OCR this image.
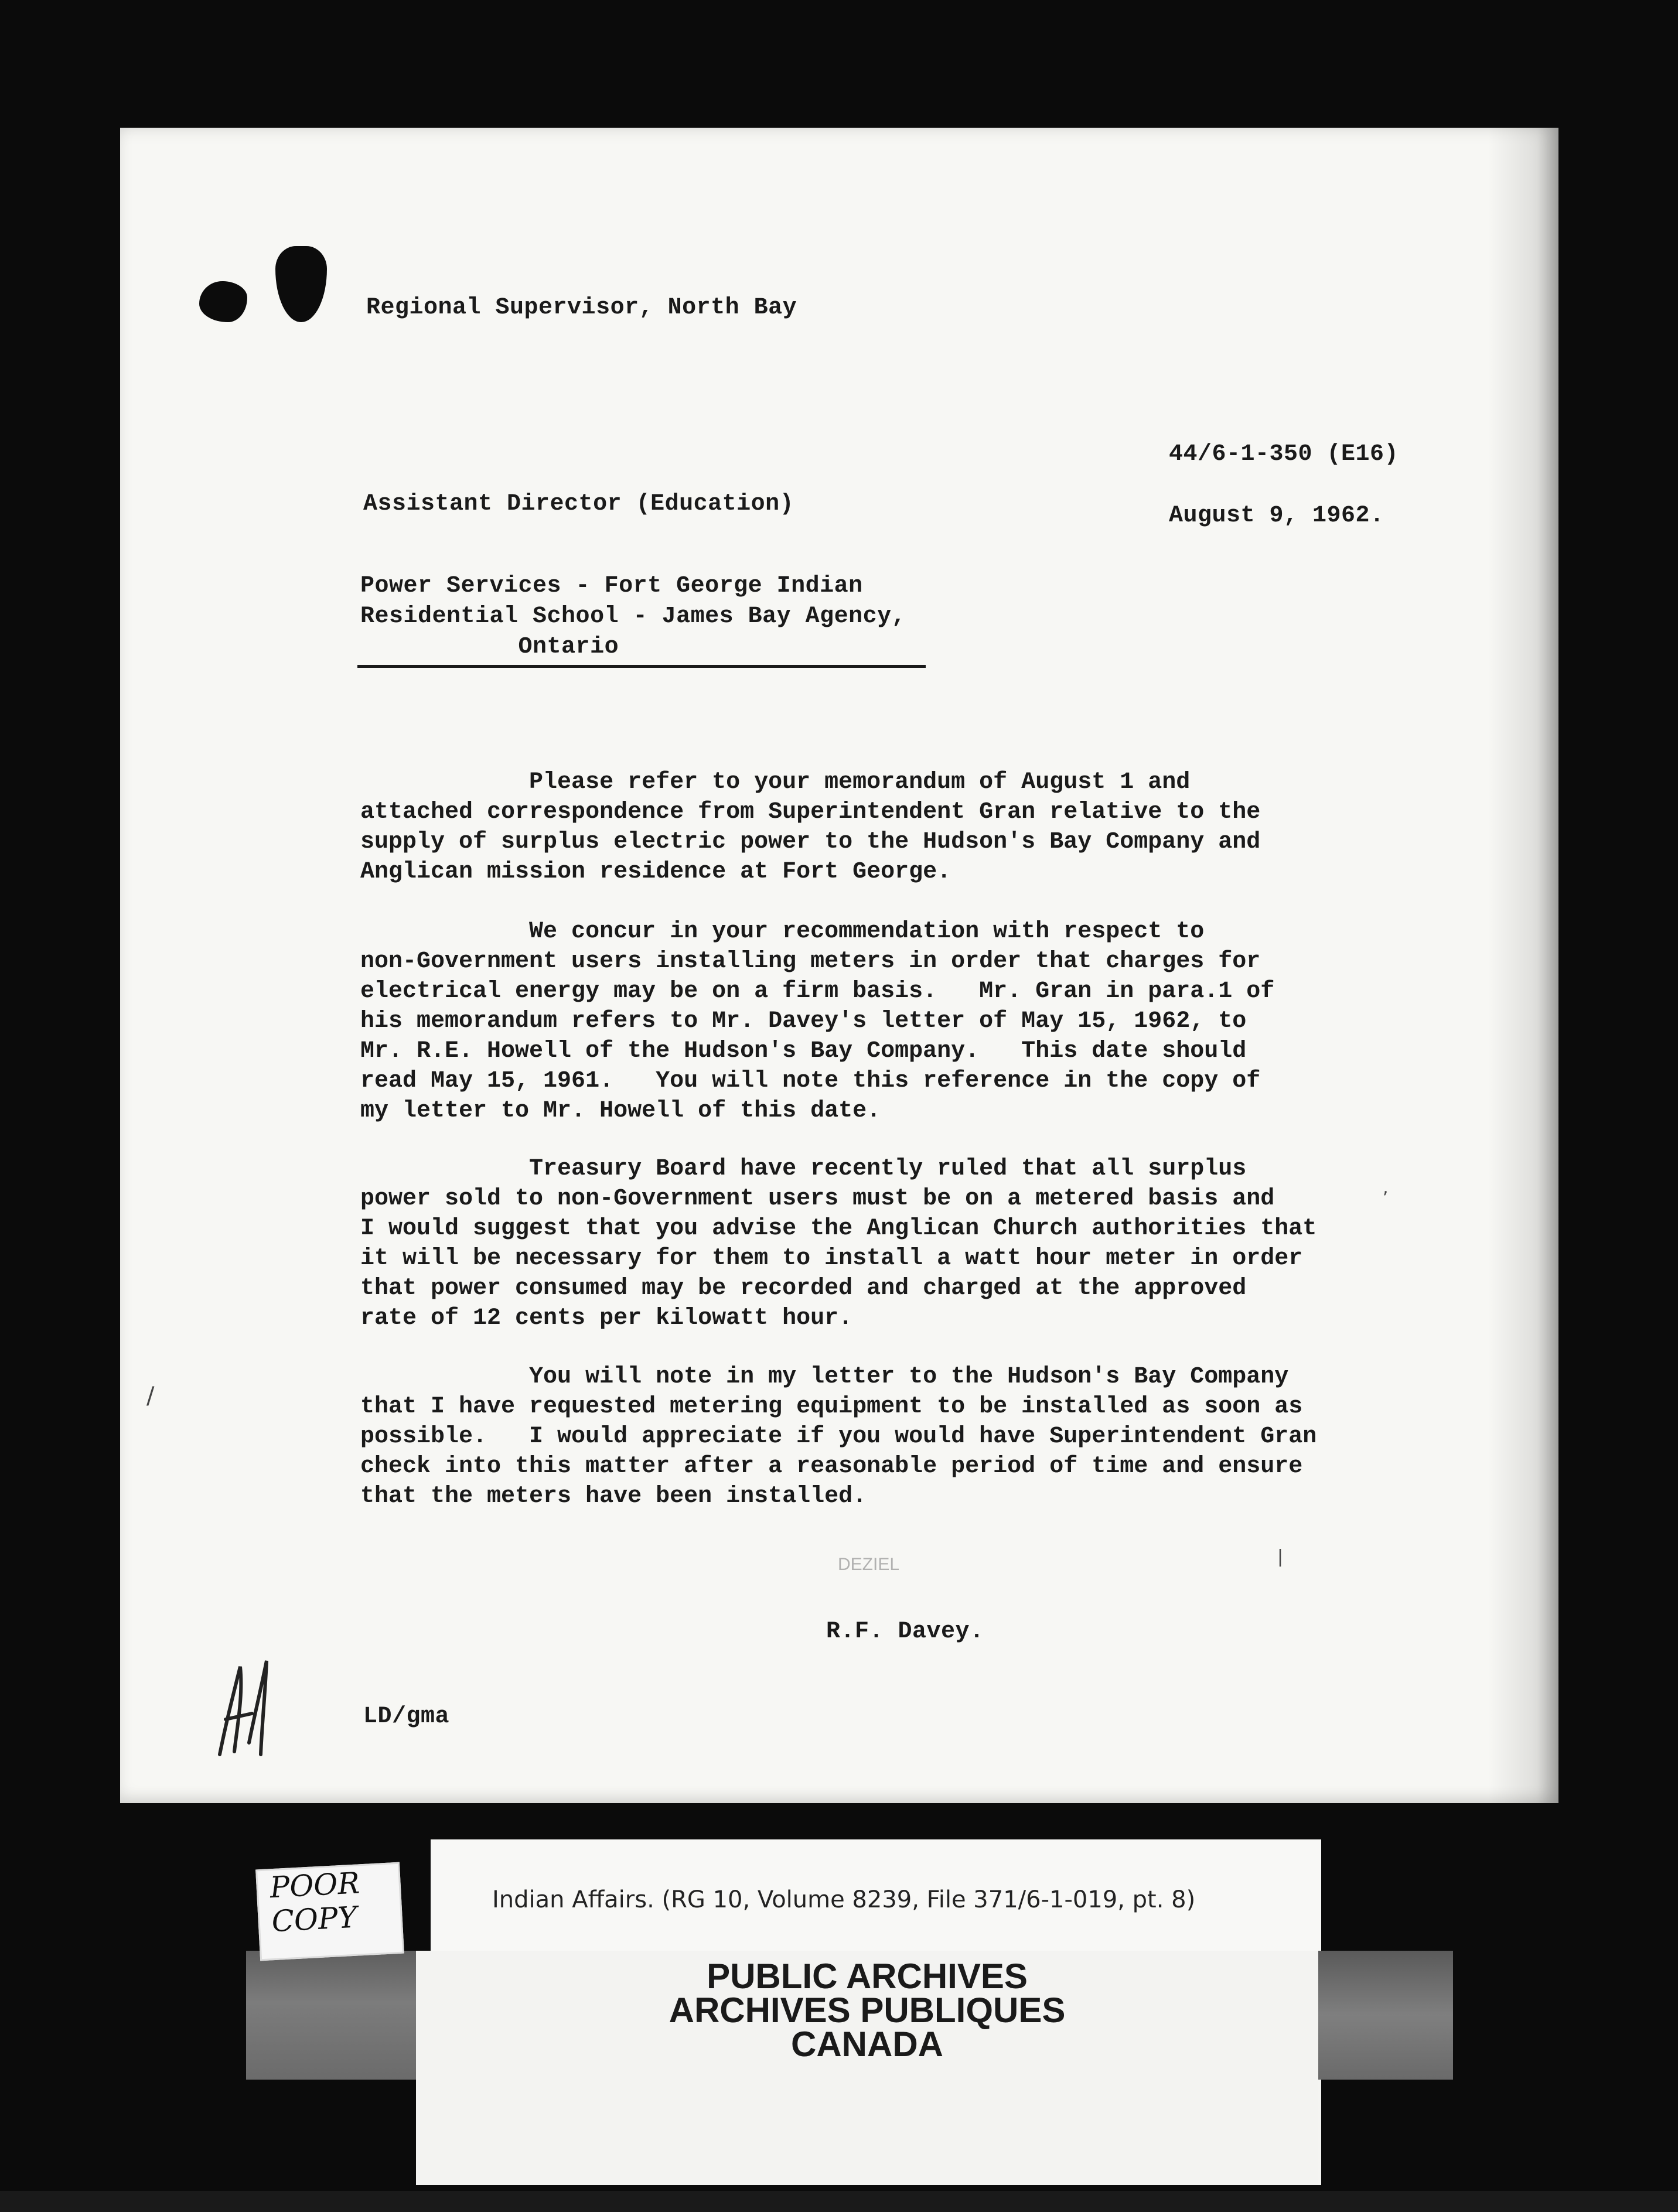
Regional Supervisor, North Bay
44/6-1-350 (E16)
Assistant Director (Education)	August 9, 1962.
Power Services - Fort George Indian
Residential School - James Bay Agency,
Ontario
Please refer to your memorandum of August 1 and
attached correspondence from Superintendent Gran relative to the
supply of surplus electric power to the Hudson's Bay Company and
Anglican mission residence at Fort George.
We concur in your recommendation with respect to
non-Government users installing meters in order that charges for
electrical energy may be on a firm basis.   Mr. Gran in para.1 of
his memorandum refers to Mr. Davey's letter of May 15, 1962, to
Mr. R.E. Howell of the Hudson's Bay Company.   This date should
read May 15, 1961.   You will note this reference in the copy of
my letter to Mr. Howell of this date.
Treasury Board have recently ruled that all surplus
power sold to non-Government users must be on a metered basis and
I would suggest that you advise the Anglican Church authorities that
it will be necessary for them to install a watt hour meter in order
that power consumed may be recorded and charged at the approved
rate of 12 cents per kilowatt hour.
You will note in my letter to the Hudson's Bay Company
that I have requested metering equipment to be installed as soon as
possible.   I would appreciate if you would have Superintendent Gran
check into this matter after a reasonable period of time and ensure
that the meters have been installed.
DEZIEL
R.F. Davey.
LD/gma
/
|
,
Indian Affairs. (RG 10, Volume 8239, File 371/6-1-019, pt. 8)
PUBLIC ARCHIVES
ARCHIVES PUBLIQUES
CANADA
POOR
COPY
